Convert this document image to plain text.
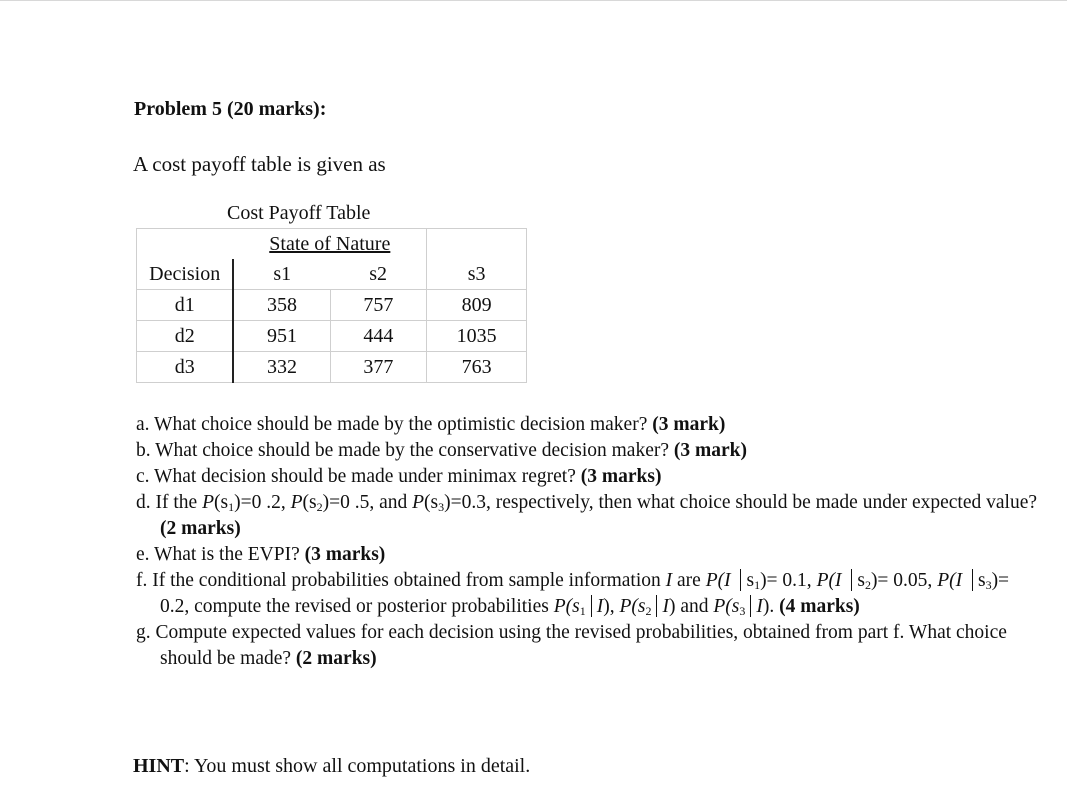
Problem 5 (20 marks):
A cost payoff table is given as
Cost Payoff Table
	State of Nature		
Decision	s1	s2	s3
d1	358	757	809
d2	951	444	1035
d3	332	377	763
a. What choice should be made by the optimistic decision maker? (3 mark)
b. What choice should be made by the conservative decision maker? (3 mark)
c. What decision should be made under minimax regret? (3 marks)
d. If the $P(s_1)=0$ .2, $P(s_2)=0$ .5, and $P(s_3)=0.3$, respectively, then what choice should be made under expected value? (2 marks)
e. What is the EVPI? (3 marks)
f. If the conditional probabilities obtained from sample information I are P(I $s_1)= 0.1$, P(I $s_2)= 0.05$, P(I $s_3)= 0.2$, compute the revised or posterior probabilities $P(s_1$ I), $P(s_2$ I) and $P(s_3$ I). (4 marks)
g. Compute expected values for each decision using the revised probabilities, obtained from part f. What choice should be made? (2 marks)
HINT: You must show all computations in detail.
